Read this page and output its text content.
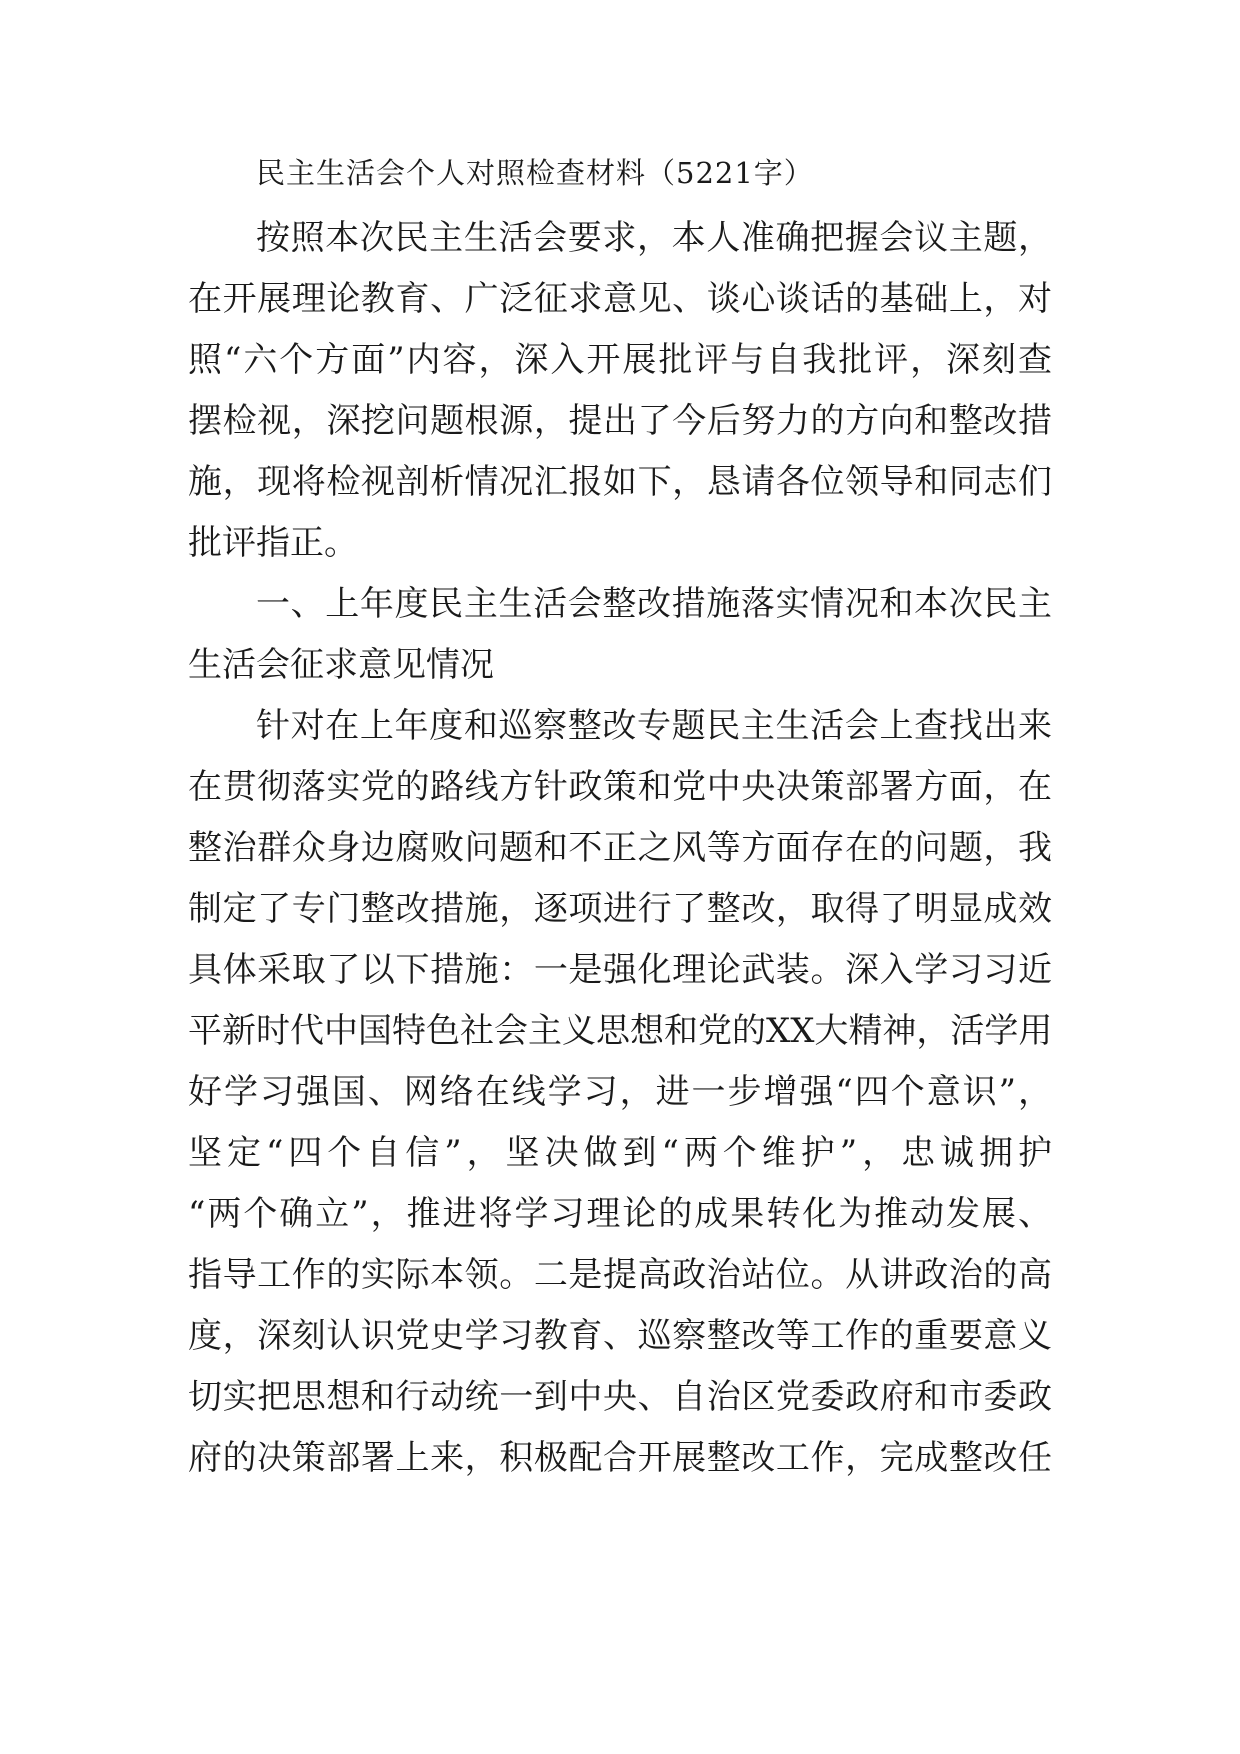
民主生活会个人对照检查材料（5221字）
按照本次民主生活会要求，本人准确把握会议主题，
在开展理论教育、广泛征求意见、谈心谈话的基础上，对
照“六个方面”内容，深入开展批评与自我批评，深刻查
摆检视，深挖问题根源，提出了今后努力的方向和整改措
施，现将检视剖析情况汇报如下，恳请各位领导和同志们
批评指正。
一、上年度民主生活会整改措施落实情况和本次民主
生活会征求意见情况
针对在上年度和巡察整改专题民主生活会上查找出来
在贯彻落实党的路线方针政策和党中央决策部署方面，在
整治群众身边腐败问题和不正之风等方面存在的问题，我
制定了专门整改措施，逐项进行了整改，取得了明显成效
具体采取了以下措施：一是强化理论武装。深入学习习近
平新时代中国特色社会主义思想和党的XX大精神，活学用
好学习强国、网络在线学习，进一步增强“四个意识”，
坚定“四个自信”，坚决做到“两个维护”，忠诚拥护
“两个确立”，推进将学习理论的成果转化为推动发展、
指导工作的实际本领。二是提高政治站位。从讲政治的高
度，深刻认识党史学习教育、巡察整改等工作的重要意义
切实把思想和行动统一到中央、自治区党委政府和市委政
府的决策部署上来，积极配合开展整改工作，完成整改任
